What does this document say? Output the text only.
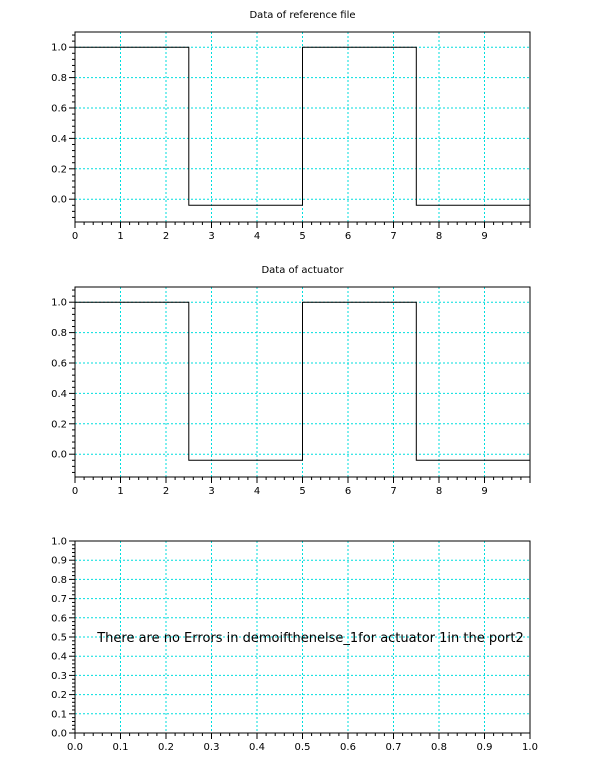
Data of reference file
0	1	2	3	4	5	6	7	8	9
0.0
0.2
0.4
0.6
0.8
1.0
Data of actuator
0	1	2	3	4	5	6	7	8	9
0.0
0.2
0.4
0.6
0.8
1.0
0.0	0.1	0.2	0.3	0.4	0.5	0.6	0.7	0.8	0.9	1.0
0.0
0.1
0.2
0.3
0.4
0.5
0.6
0.7
0.8
0.9
1.0
There are no Errors in demoifthenelse_1for actuator 1in the port2
